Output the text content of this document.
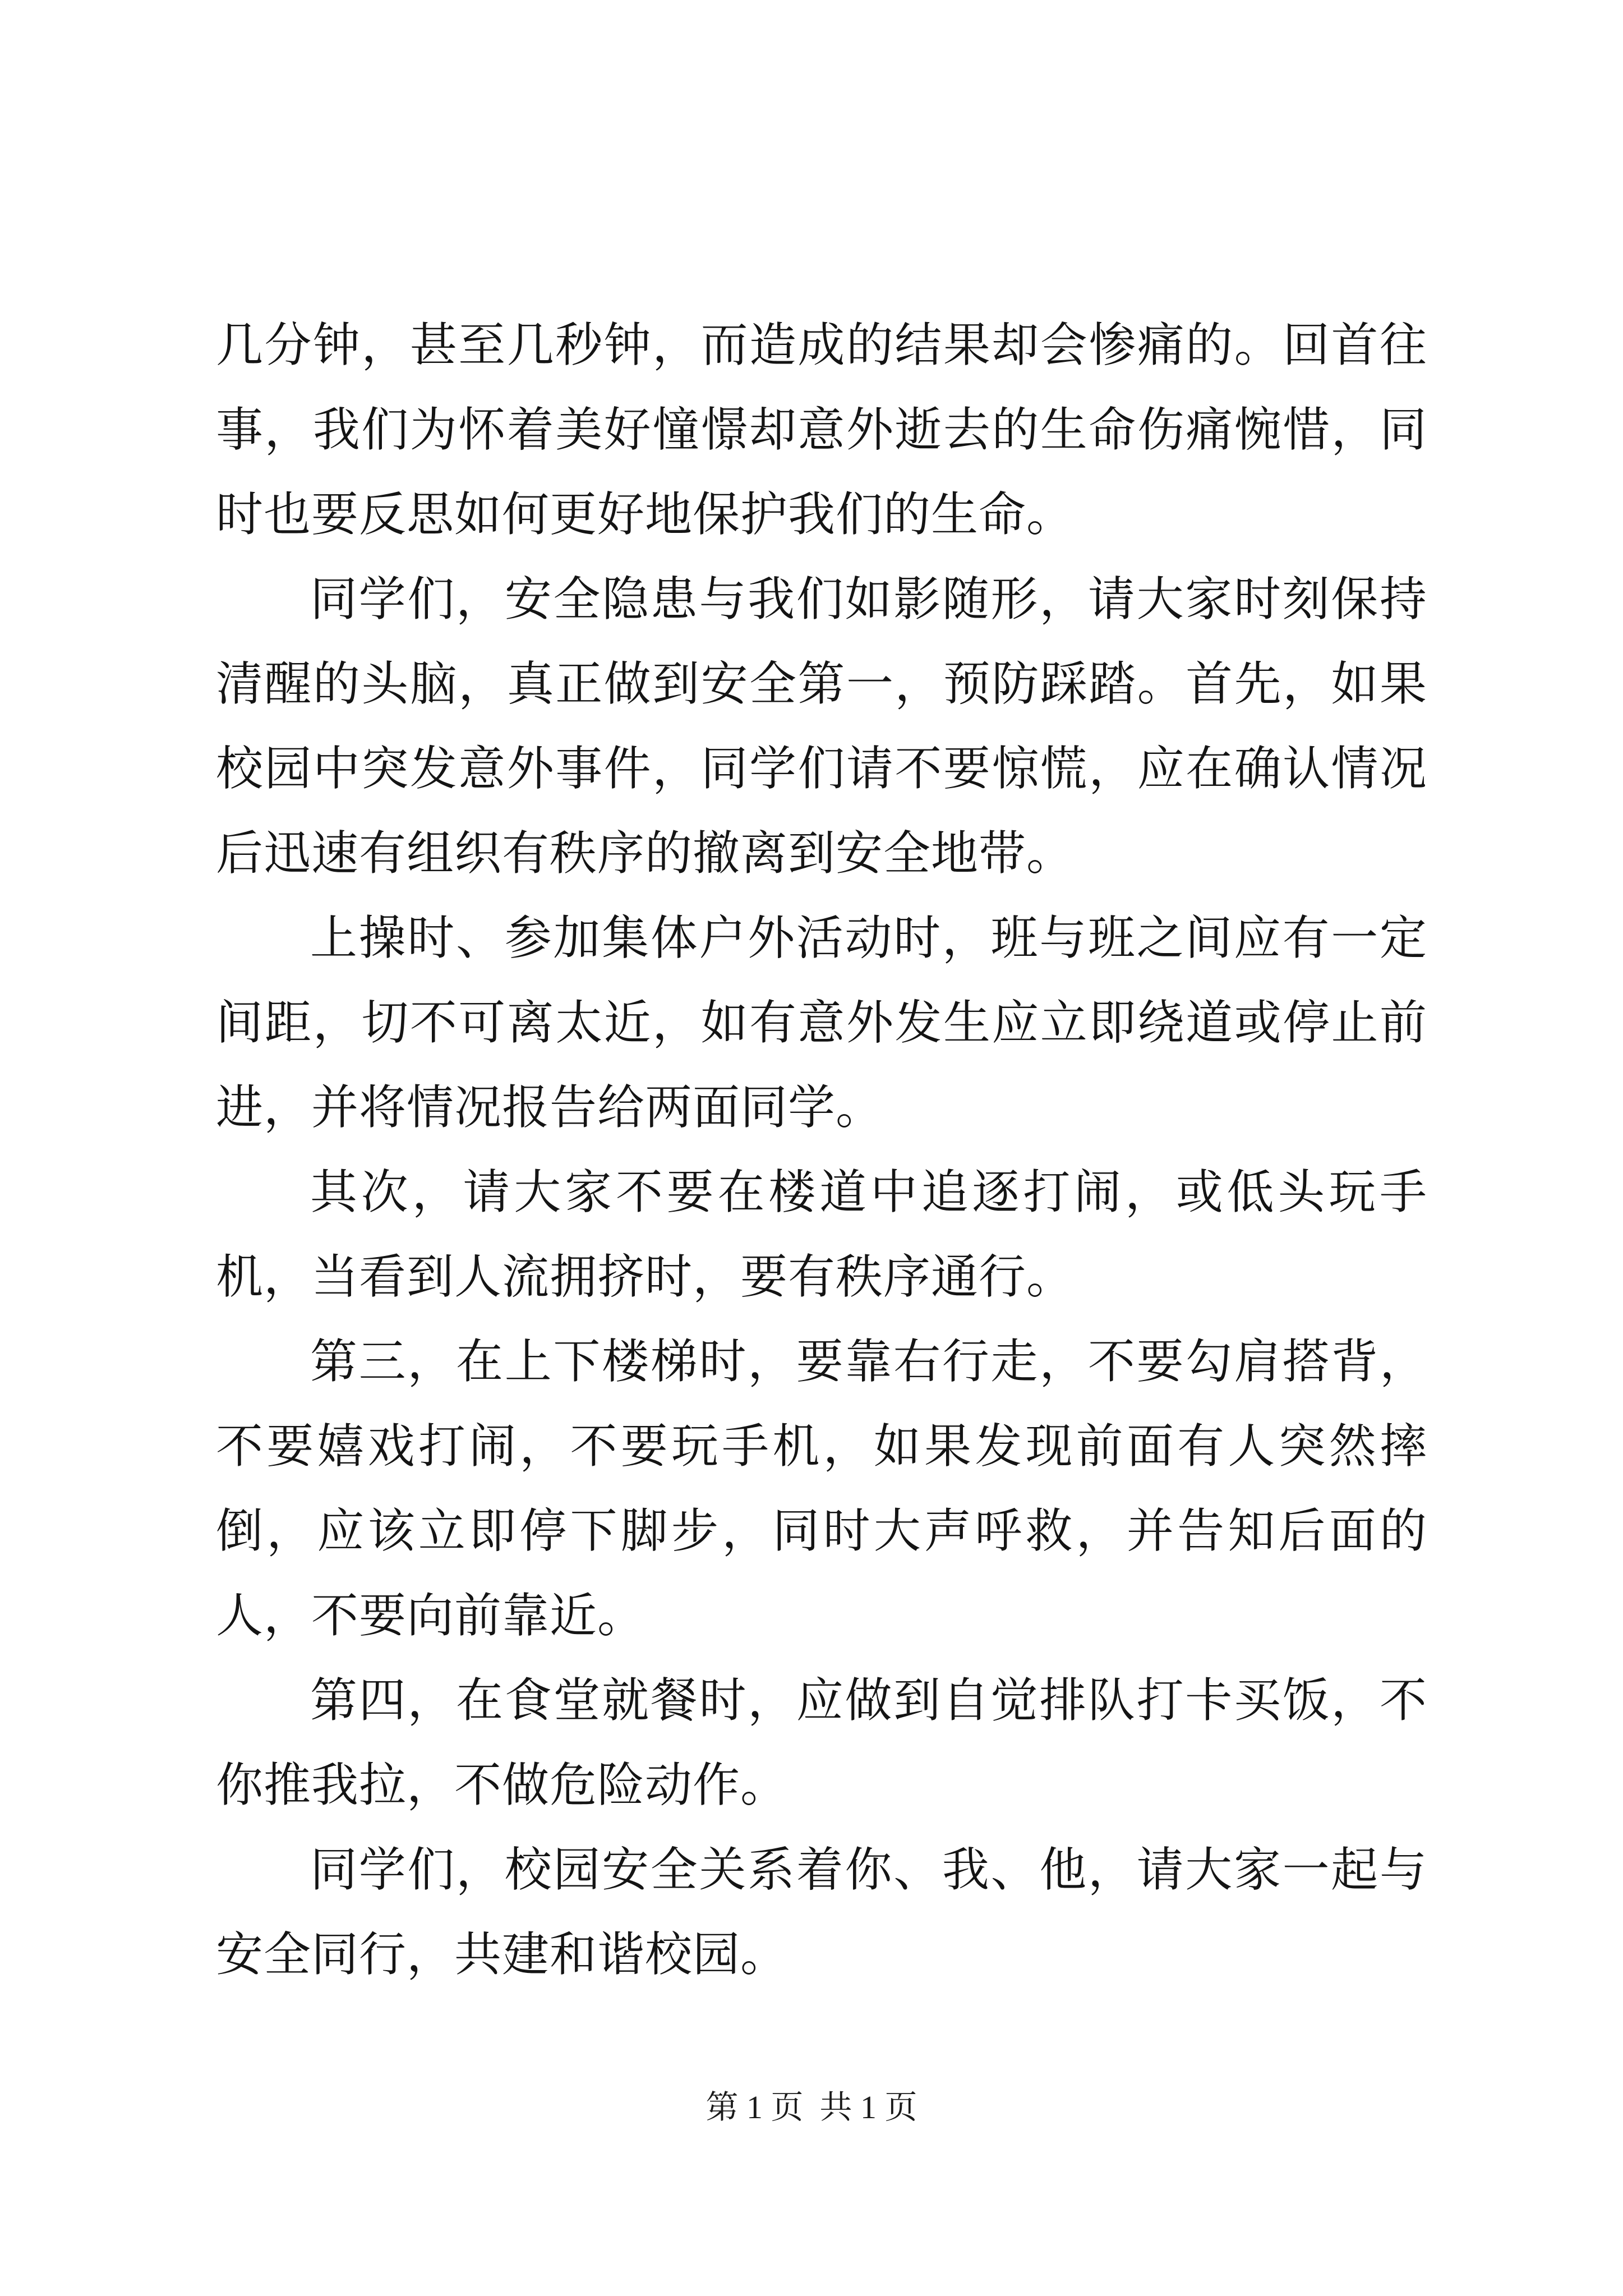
几分钟，甚至几秒钟，而造成的结果却会惨痛的。回首往事，我们为怀着美好憧憬却意外逝去的生命伤痛惋惜，同时也要反思如何更好地保护我们的生命。

同学们，安全隐患与我们如影随形，请大家时刻保持清醒的头脑，真正做到安全第一，预防踩踏。首先，如果校园中突发意外事件，同学们请不要惊慌，应在确认情况后迅速有组织有秩序的撤离到安全地带。

上操时、参加集体户外活动时，班与班之间应有一定间距，切不可离太近，如有意外发生应立即绕道或停止前进，并将情况报告给两面同学。

其次，请大家不要在楼道中追逐打闹，或低头玩手机，当看到人流拥挤时，要有秩序通行。

第三，在上下楼梯时，要靠右行走，不要勾肩搭背，不要嬉戏打闹，不要玩手机，如果发现前面有人突然摔倒，应该立即停下脚步，同时大声呼救，并告知后面的人，不要向前靠近。

第四，在食堂就餐时，应做到自觉排队打卡买饭，不你推我拉，不做危险动作。

同学们，校园安全关系着你、我、他，请大家一起与安全同行，共建和谐校园。

第 1 页  共 1 页
